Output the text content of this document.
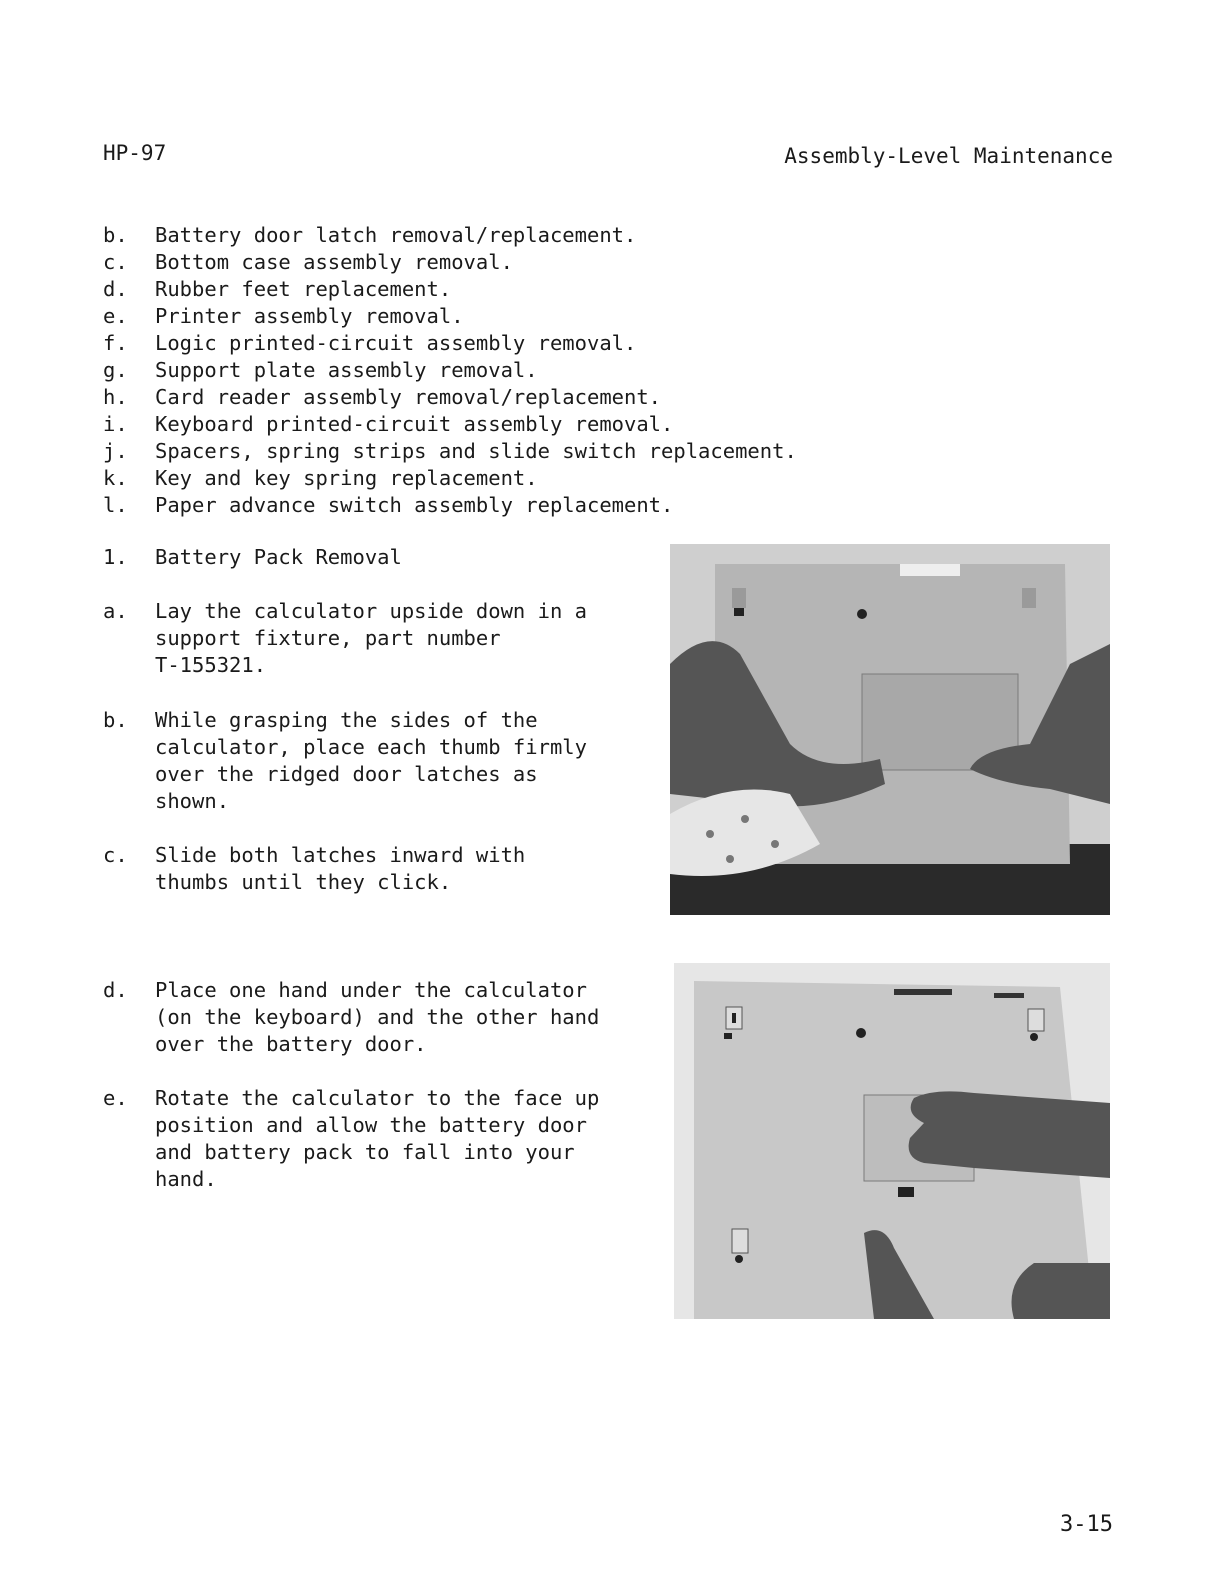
HP-97	Assembly-Level Maintenance
b. Battery door latch removal/replacement.
c. Bottom case assembly removal.
d. Rubber feet replacement.
e. Printer assembly removal.
f. Logic printed-circuit assembly removal.
g. Support plate assembly removal.
h. Card reader assembly removal/replacement.
i. Keyboard printed-circuit assembly removal.
j. Spacers, spring strips and slide switch replacement.
k. Key and key spring replacement.
l. Paper advance switch assembly replacement.
1. Battery Pack Removal
a.	Lay the calculator upside down in a
support fixture, part number
T-155321.
b.	While grasping the sides of the
calculator, place each thumb firmly
over the ridged door latches as
shown.
c.	Slide both latches inward with
thumbs until they click.
d.	Place one hand under the calculator
(on the keyboard) and the other hand
over the battery door.
e.	Rotate the calculator to the face up
position and allow the battery door
and battery pack to fall into your
hand.
3-15
